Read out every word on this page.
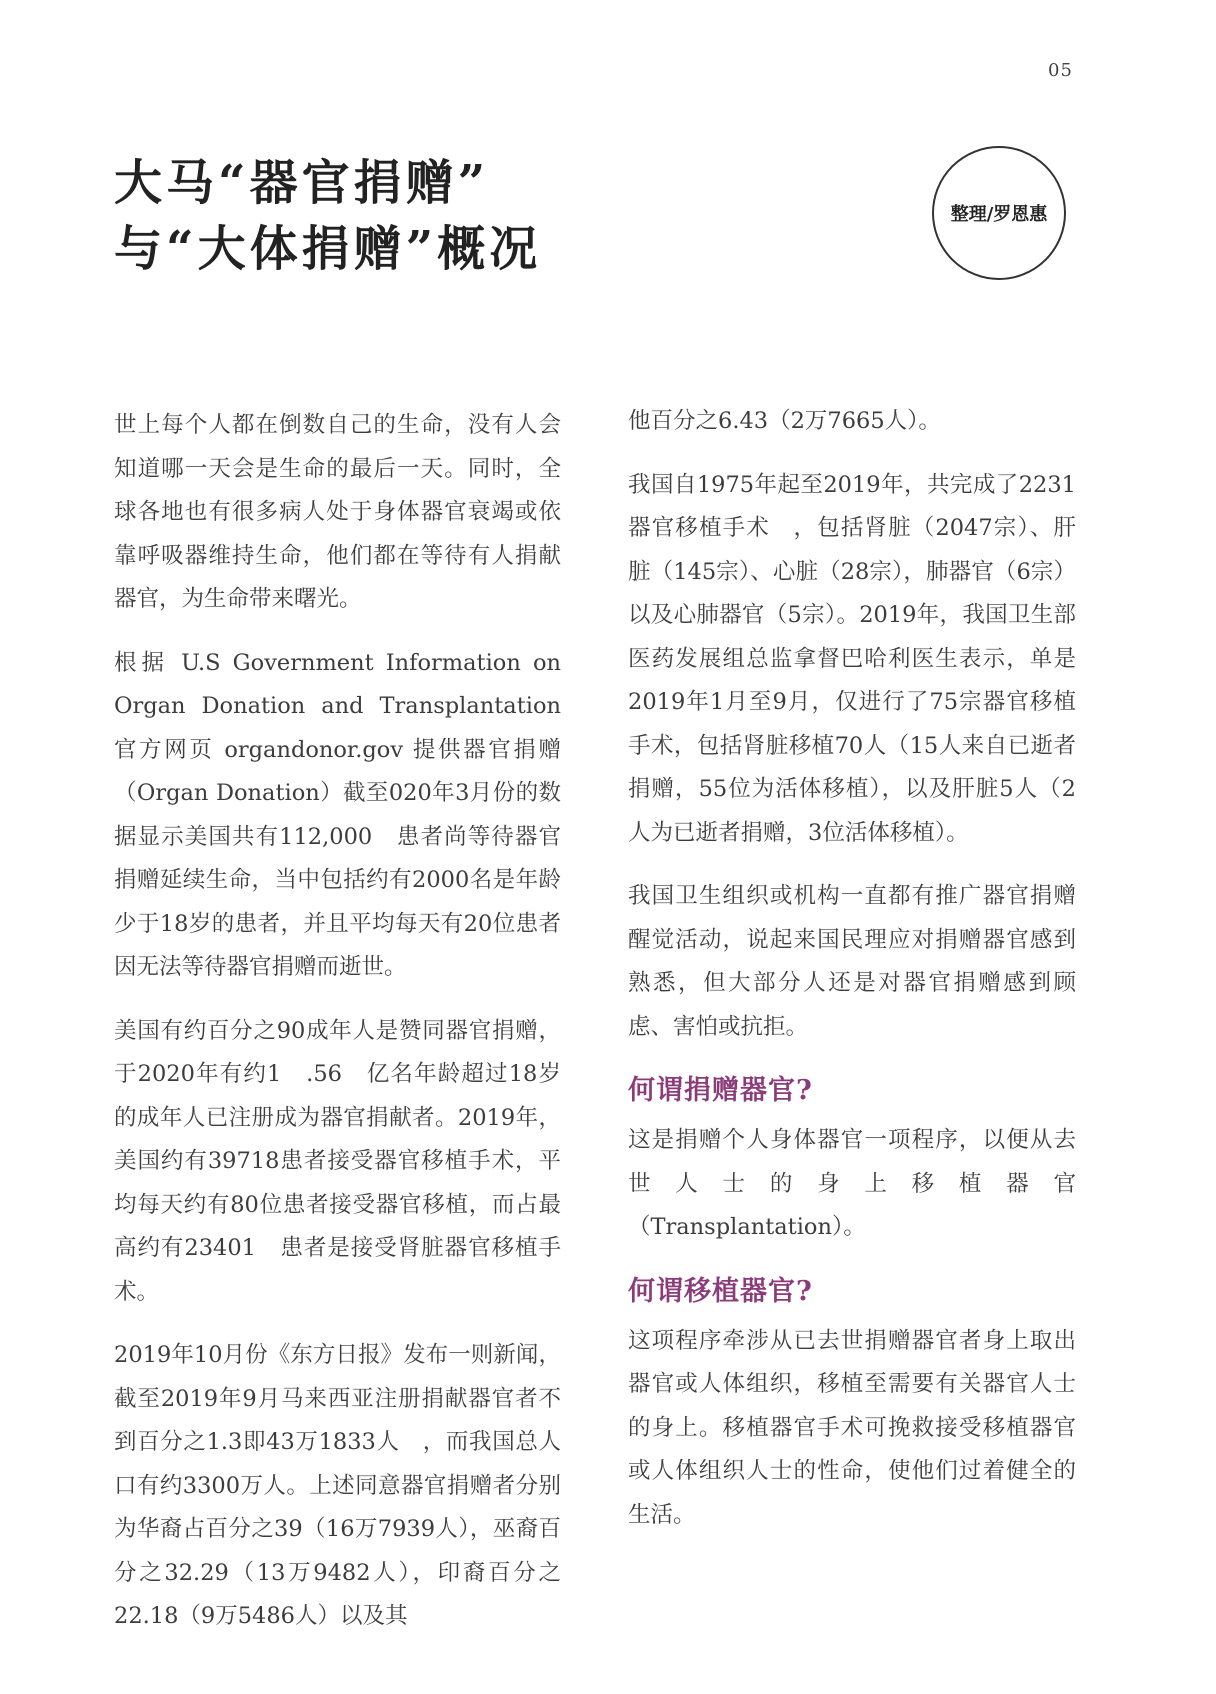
05
大马“器官捐赠”
与“大体捐赠”概况
整理/罗恩惠

世上每个人都在倒数自己的生命，没有人会知道哪一天会是生命的最后一天。同时，全球各地也有很多病人处于身体器官衰竭或依靠呼吸器维持生命，他们都在等待有人捐献器官，为生命带来曙光。

根据 U.S Government Information on Organ Donation and Transplantation 官方网页 organdonor.gov 提供器官捐赠（Organ Donation）截至020年3月份的数据显示美国共有112,000　患者尚等待器官捐赠延续生命，当中包括约有2000名是年龄少于18岁的患者，并且平均每天有20位患者因无法等待器官捐赠而逝世。

美国有约百分之90成年人是赞同器官捐赠，于2020年有约1　.56　亿名年龄超过18岁的成年人已注册成为器官捐献者。2019年，美国约有39718患者接受器官移植手术，平均每天约有80位患者接受器官移植，而占最高约有23401　患者是接受肾脏器官移植手术。

2019年10月份《东方日报》发布一则新闻，截至2019年9月马来西亚注册捐献器官者不到百分之1.3即43万1833人　，而我国总人口有约3300万人。上述同意器官捐赠者分别为华裔占百分之39（16万7939人），巫裔百分之32.29（13万9482人），印裔百分之22.18（9万5486人）以及其

他百分之6.43（2万7665人）。

我国自1975年起至2019年，共完成了2231器官移植手术　，包括肾脏（2047宗）、肝脏（145宗）、心脏（28宗），肺器官（6宗）以及心肺器官（5宗）。2019年，我国卫生部医药发展组总监拿督巴哈利医生表示，单是2019年1月至9月，仅进行了75宗器官移植手术，包括肾脏移植70人（15人来自已逝者捐赠，55位为活体移植），以及肝脏5人（2人为已逝者捐赠，3位活体移植）。

我国卫生组织或机构一直都有推广器官捐赠醒觉活动，说起来国民理应对捐赠器官感到熟悉，但大部分人还是对器官捐赠感到顾虑、害怕或抗拒。

何谓捐赠器官?

这是捐赠个人身体器官一项程序，以便从去世人士的身上移植器官（Transplantation）。

何谓移植器官?

这项程序牵涉从已去世捐赠器官者身上取出器官或人体组织，移植至需要有关器官人士的身上。移植器官手术可挽救接受移植器官或人体组织人士的性命，使他们过着健全的生活。
